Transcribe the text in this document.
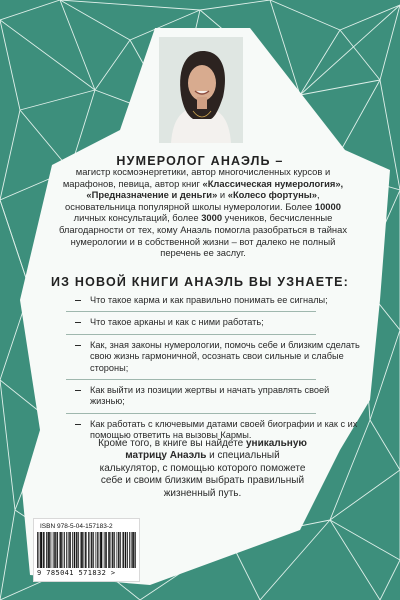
НУМЕРОЛОГ АНАЭЛЬ –
магистр космоэнергетики, автор многочисленных курсов и марафонов, певица, автор книг «Классическая нумерология», «Предназначение и деньги» и «Колесо фортуны», основательница популярной школы нумерологии. Более 10000 личных консультаций, более 3000 учеников, бесчисленные благодарности от тех, кому Анаэль помогла разобраться в тайнах нумерологии и в собственной жизни – вот далеко не полный перечень ее заслуг.
ИЗ НОВОЙ КНИГИ АНАЭЛЬ ВЫ УЗНАЕТЕ:
Что такое карма и как правильно понимать ее сигналы;
Что такое арканы и как с ними работать;
Как, зная законы нумерологии, помочь себе и близким сделать свою жизнь гармоничной, осознать свои сильные и слабые стороны;
Как выйти из позиции жертвы и начать управлять своей жизнью;
Как работать с ключевыми датами своей биографии и как с их помощью ответить на вызовы Кармы.
Кроме того, в книге вы найдете уникальную матрицу Анаэль и специальный калькулятор, с помощью которого поможете себе и своим близким выбрать правильный жизненный путь.
ISBN 978-5-04-157183-2
9 785041 571832 >
